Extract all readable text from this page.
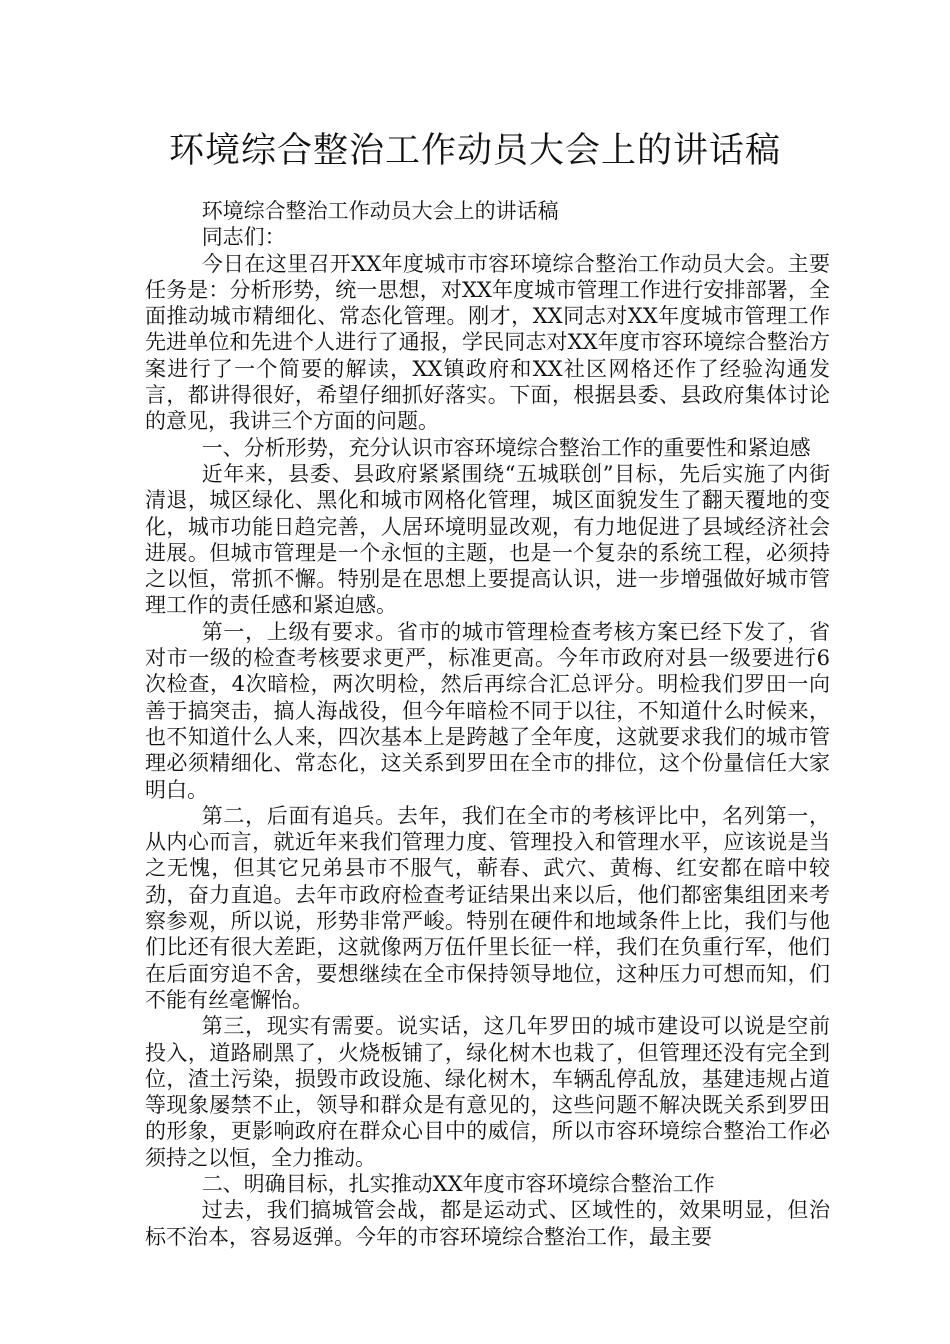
环境综合整治工作动员大会上的讲话稿

环境综合整治工作动员大会上的讲话稿

同志们：

今日在这里召开XX年度城市市容环境综合整治工作动员大会。主要任务是：分析形势，统一思想，对XX年度城市管理工作进行安排部署，全面推动城市精细化、常态化管理。刚才，XX同志对XX年度城市管理工作先进单位和先进个人进行了通报，学民同志对XX年度市容环境综合整治方案进行了一个简要的解读，XX镇政府和XX社区网格还作了经验沟通发言，都讲得很好，希望仔细抓好落实。下面，根据县委、县政府集体讨论的意见，我讲三个方面的问题。

一、分析形势，充分认识市容环境综合整治工作的重要性和紧迫感

近年来，县委、县政府紧紧围绕“五城联创”目标，先后实施了内街清退，城区绿化、黑化和城市网格化管理，城区面貌发生了翻天覆地的变化，城市功能日趋完善，人居环境明显改观，有力地促进了县域经济社会进展。但城市管理是一个永恒的主题，也是一个复杂的系统工程，必须持之以恒，常抓不懈。特别是在思想上要提高认识，进一步增强做好城市管理工作的责任感和紧迫感。

第一，上级有要求。省市的城市管理检查考核方案已经下发了，省对市一级的检查考核要求更严，标准更高。今年市政府对县一级要进行6次检查，4次暗检，两次明检，然后再综合汇总评分。明检我们罗田一向善于搞突击，搞人海战役，但今年暗检不同于以往，不知道什么时候来，也不知道什么人来，四次基本上是跨越了全年度，这就要求我们的城市管理必须精细化、常态化，这关系到罗田在全市的排位，这个份量信任大家明白。

第二，后面有追兵。去年，我们在全市的考核评比中，名列第一，从内心而言，就近年来我们管理力度、管理投入和管理水平，应该说是当之无愧，但其它兄弟县市不服气，蕲春、武穴、黄梅、红安都在暗中较劲，奋力直追。去年市政府检查考证结果出来以后，他们都密集组团来考察参观，所以说，形势非常严峻。特别在硬件和地域条件上比，我们与他们比还有很大差距，这就像两万伍仟里长征一样，我们在负重行军，他们在后面穷追不舍，要想继续在全市保持领导地位，这种压力可想而知，们不能有丝毫懈怡。

第三，现实有需要。说实话，这几年罗田的城市建设可以说是空前投入，道路刷黑了，火烧板铺了，绿化树木也栽了，但管理还没有完全到位，渣土污染，损毁市政设施、绿化树木，车辆乱停乱放，基建违规占道等现象屡禁不止，领导和群众是有意见的，这些问题不解决既关系到罗田的形象，更影响政府在群众心目中的威信，所以市容环境综合整治工作必须持之以恒，全力推动。

二、明确目标，扎实推动XX年度市容环境综合整治工作

过去，我们搞城管会战，都是运动式、区域性的，效果明显，但治标不治本，容易返弹。今年的市容环境综合整治工作，最主要
